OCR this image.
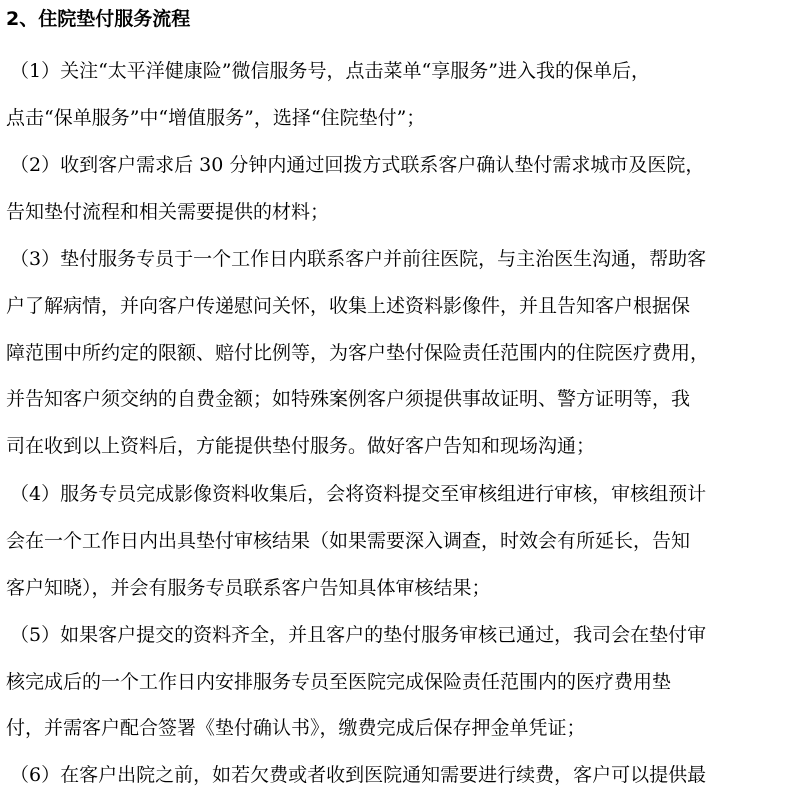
2、住院垫付服务流程
（1）关注“太平洋健康险”微信服务号，点击菜单“享服务”进入我的保单后，
点击“保单服务”中“增值服务”，选择“住院垫付”；
（2）收到客户需求后 30 分钟内通过回拨方式联系客户确认垫付需求城市及医院，
告知垫付流程和相关需要提供的材料；
（3）垫付服务专员于一个工作日内联系客户并前往医院，与主治医生沟通，帮助客
户了解病情，并向客户传递慰问关怀，收集上述资料影像件，并且告知客户根据保
障范围中所约定的限额、赔付比例等，为客户垫付保险责任范围内的住院医疗费用，
并告知客户须交纳的自费金额；如特殊案例客户须提供事故证明、警方证明等，我
司在收到以上资料后，方能提供垫付服务。做好客户告知和现场沟通；
（4）服务专员完成影像资料收集后，会将资料提交至审核组进行审核，审核组预计
会在一个工作日内出具垫付审核结果（如果需要深入调查，时效会有所延长，告知
客户知晓），并会有服务专员联系客户告知具体审核结果；
（5）如果客户提交的资料齐全，并且客户的垫付服务审核已通过，我司会在垫付审
核完成后的一个工作日内安排服务专员至医院完成保险责任范围内的医疗费用垫
付，并需客户配合签署《垫付确认书》，缴费完成后保存押金单凭证；
（6）在客户出院之前，如若欠费或者收到医院通知需要进行续费，客户可以提供最
